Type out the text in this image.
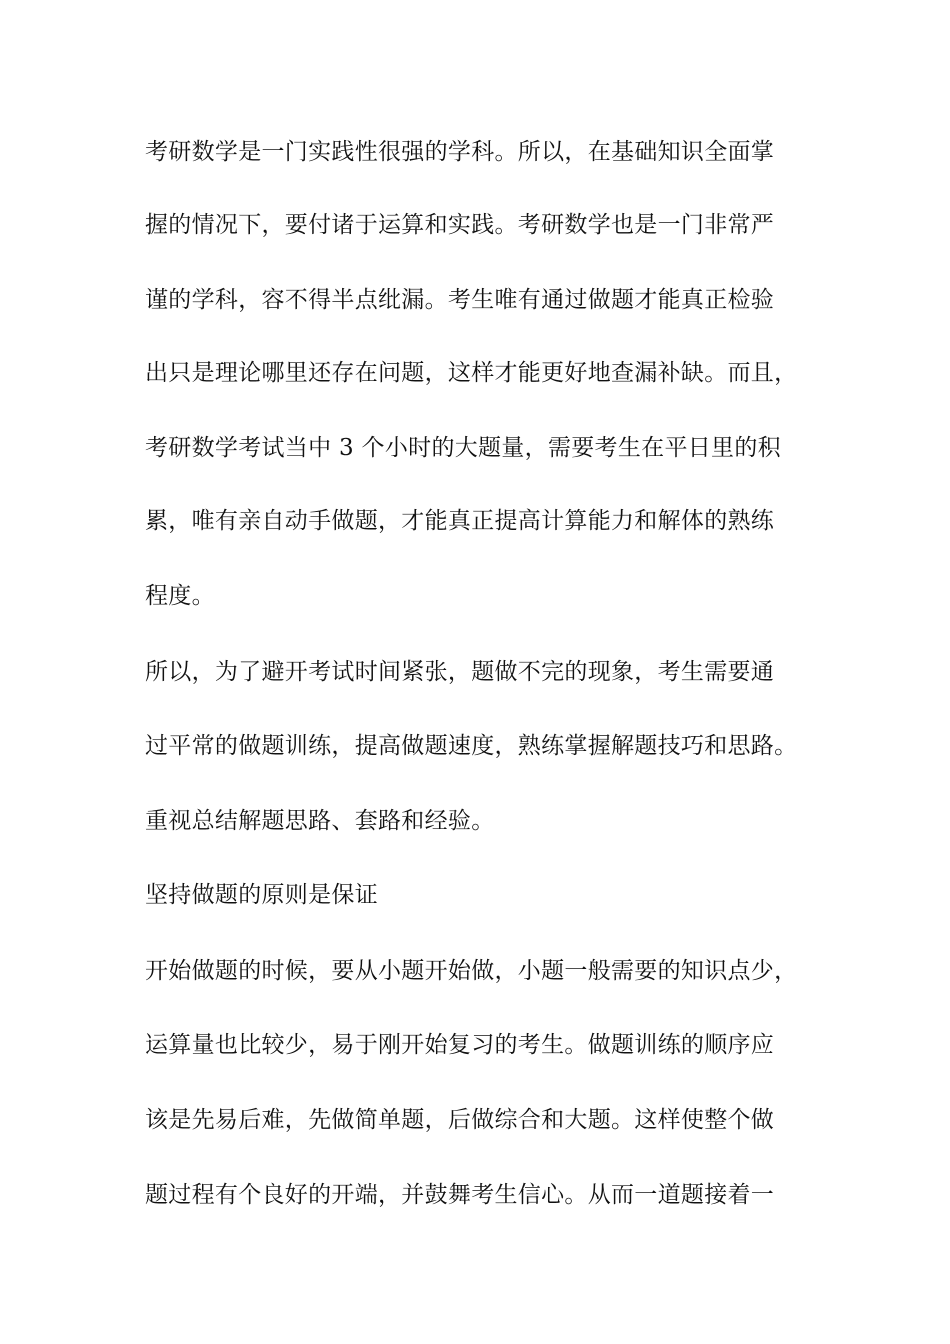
考研数学是一门实践性很强的学科。所以，在基础知识全面掌
握的情况下，要付诸于运算和实践。考研数学也是一门非常严
谨的学科，容不得半点纰漏。考生唯有通过做题才能真正检验
出只是理论哪里还存在问题，这样才能更好地查漏补缺。而且，
考研数学考试当中 3 个小时的大题量，需要考生在平日里的积
累，唯有亲自动手做题，才能真正提高计算能力和解体的熟练
程度。
所以，为了避开考试时间紧张，题做不完的现象，考生需要通
过平常的做题训练，提高做题速度，熟练掌握解题技巧和思路。
重视总结解题思路、套路和经验。
坚持做题的原则是保证
开始做题的时候，要从小题开始做，小题一般需要的知识点少，
运算量也比较少，易于刚开始复习的考生。做题训练的顺序应
该是先易后难，先做简单题，后做综合和大题。这样使整个做
题过程有个良好的开端，并鼓舞考生信心。从而一道题接着一
